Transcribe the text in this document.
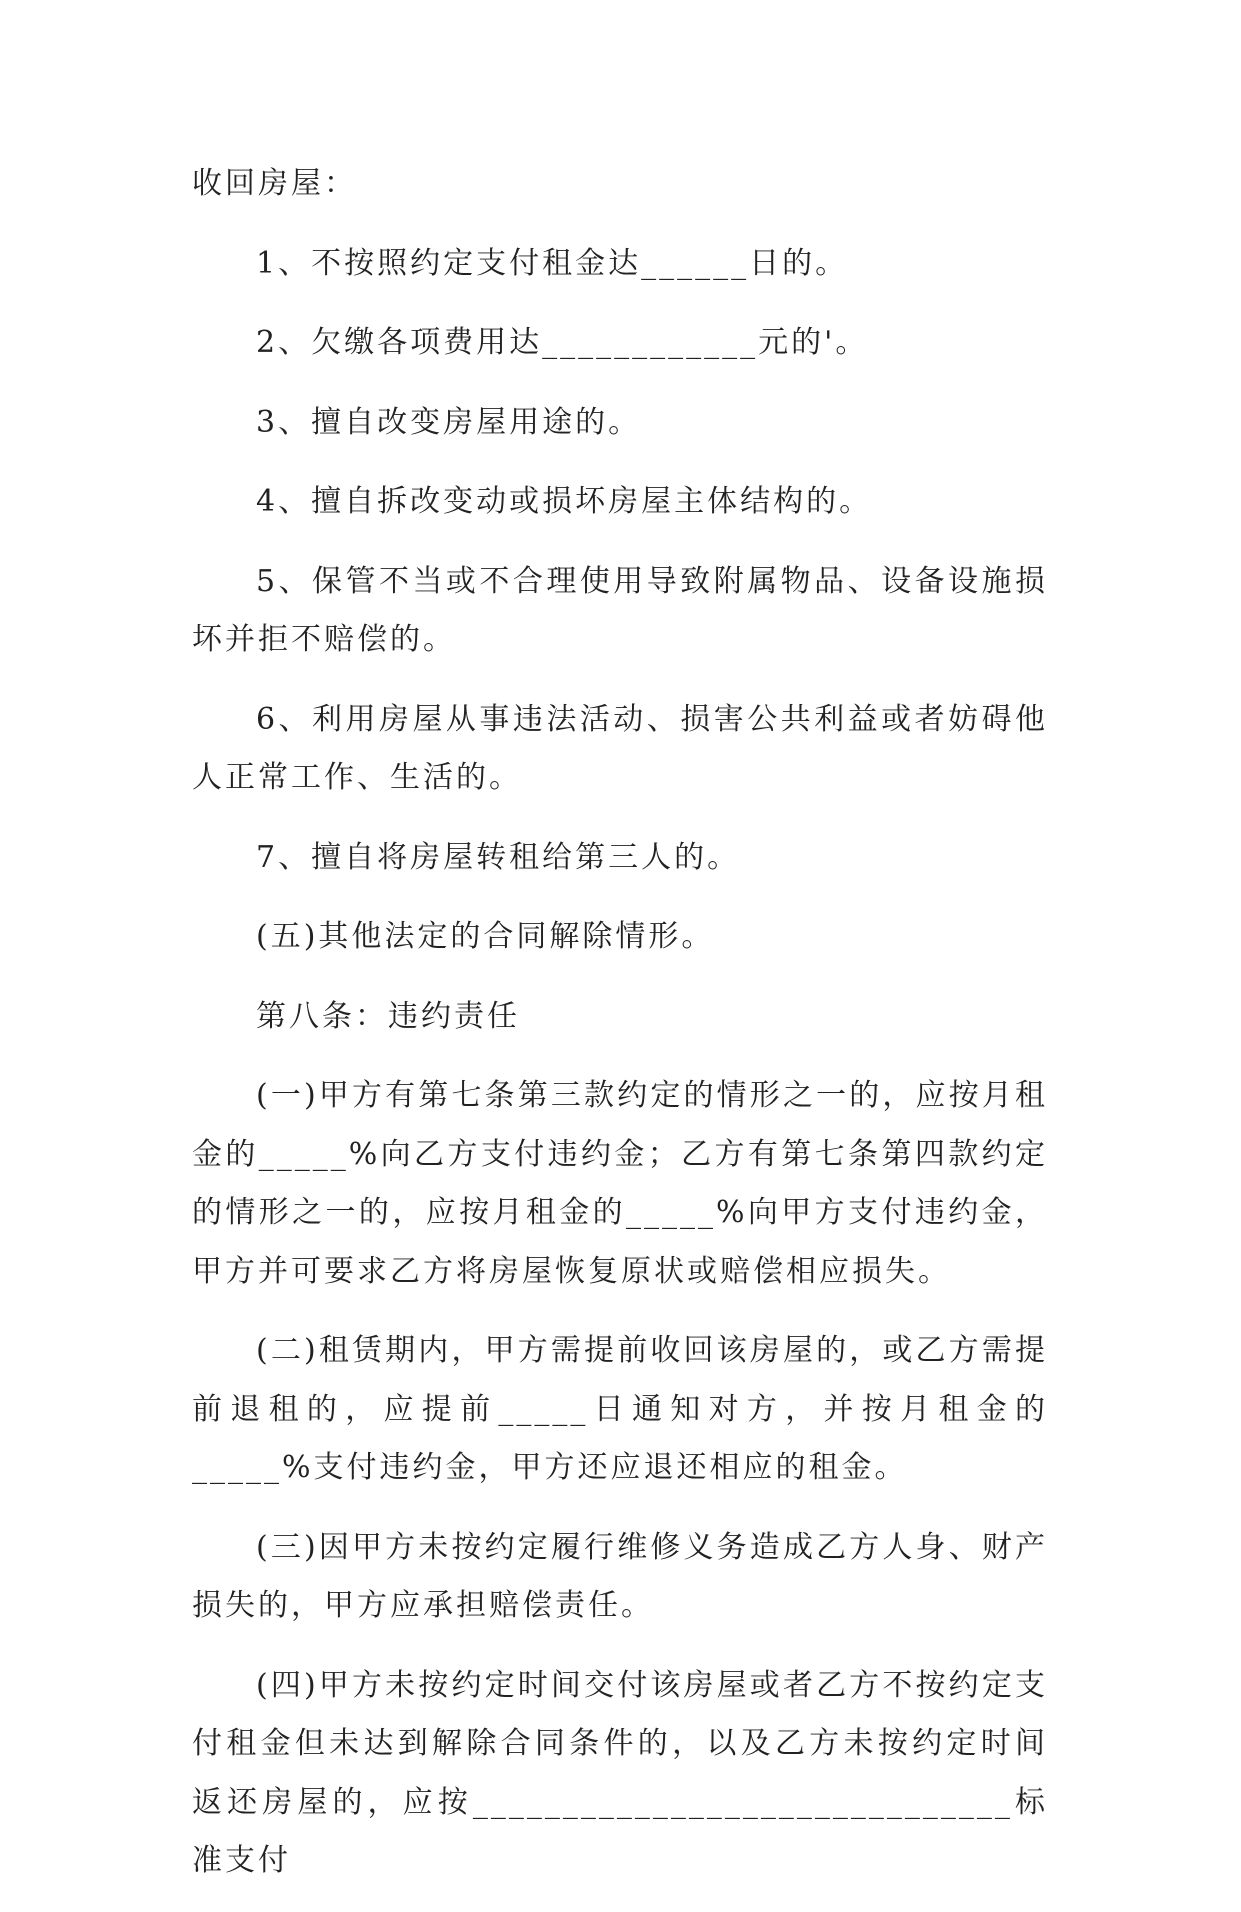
收回房屋：

1、不按照约定支付租金达______日的。

2、欠缴各项费用达____________元的'。

3、擅自改变房屋用途的。

4、擅自拆改变动或损坏房屋主体结构的。

5、保管不当或不合理使用导致附属物品、设备设施损坏并拒不赔偿的。

6、利用房屋从事违法活动、损害公共利益或者妨碍他人正常工作、生活的。

7、擅自将房屋转租给第三人的。

(五)其他法定的合同解除情形。

第八条：违约责任

(一)甲方有第七条第三款约定的情形之一的，应按月租金的_____%向乙方支付违约金；乙方有第七条第四款约定的情形之一的，应按月租金的_____%向甲方支付违约金，甲方并可要求乙方将房屋恢复原状或赔偿相应损失。

(二)租赁期内，甲方需提前收回该房屋的，或乙方需提前退租的，应提前_____日通知对方，并按月租金的_____%支付违约金，甲方还应退还相应的租金。

(三)因甲方未按约定履行维修义务造成乙方人身、财产损失的，甲方应承担赔偿责任。

(四)甲方未按约定时间交付该房屋或者乙方不按约定支付租金但未达到解除合同条件的，以及乙方未按约定时间返还房屋的，应按______________________________标准支付
